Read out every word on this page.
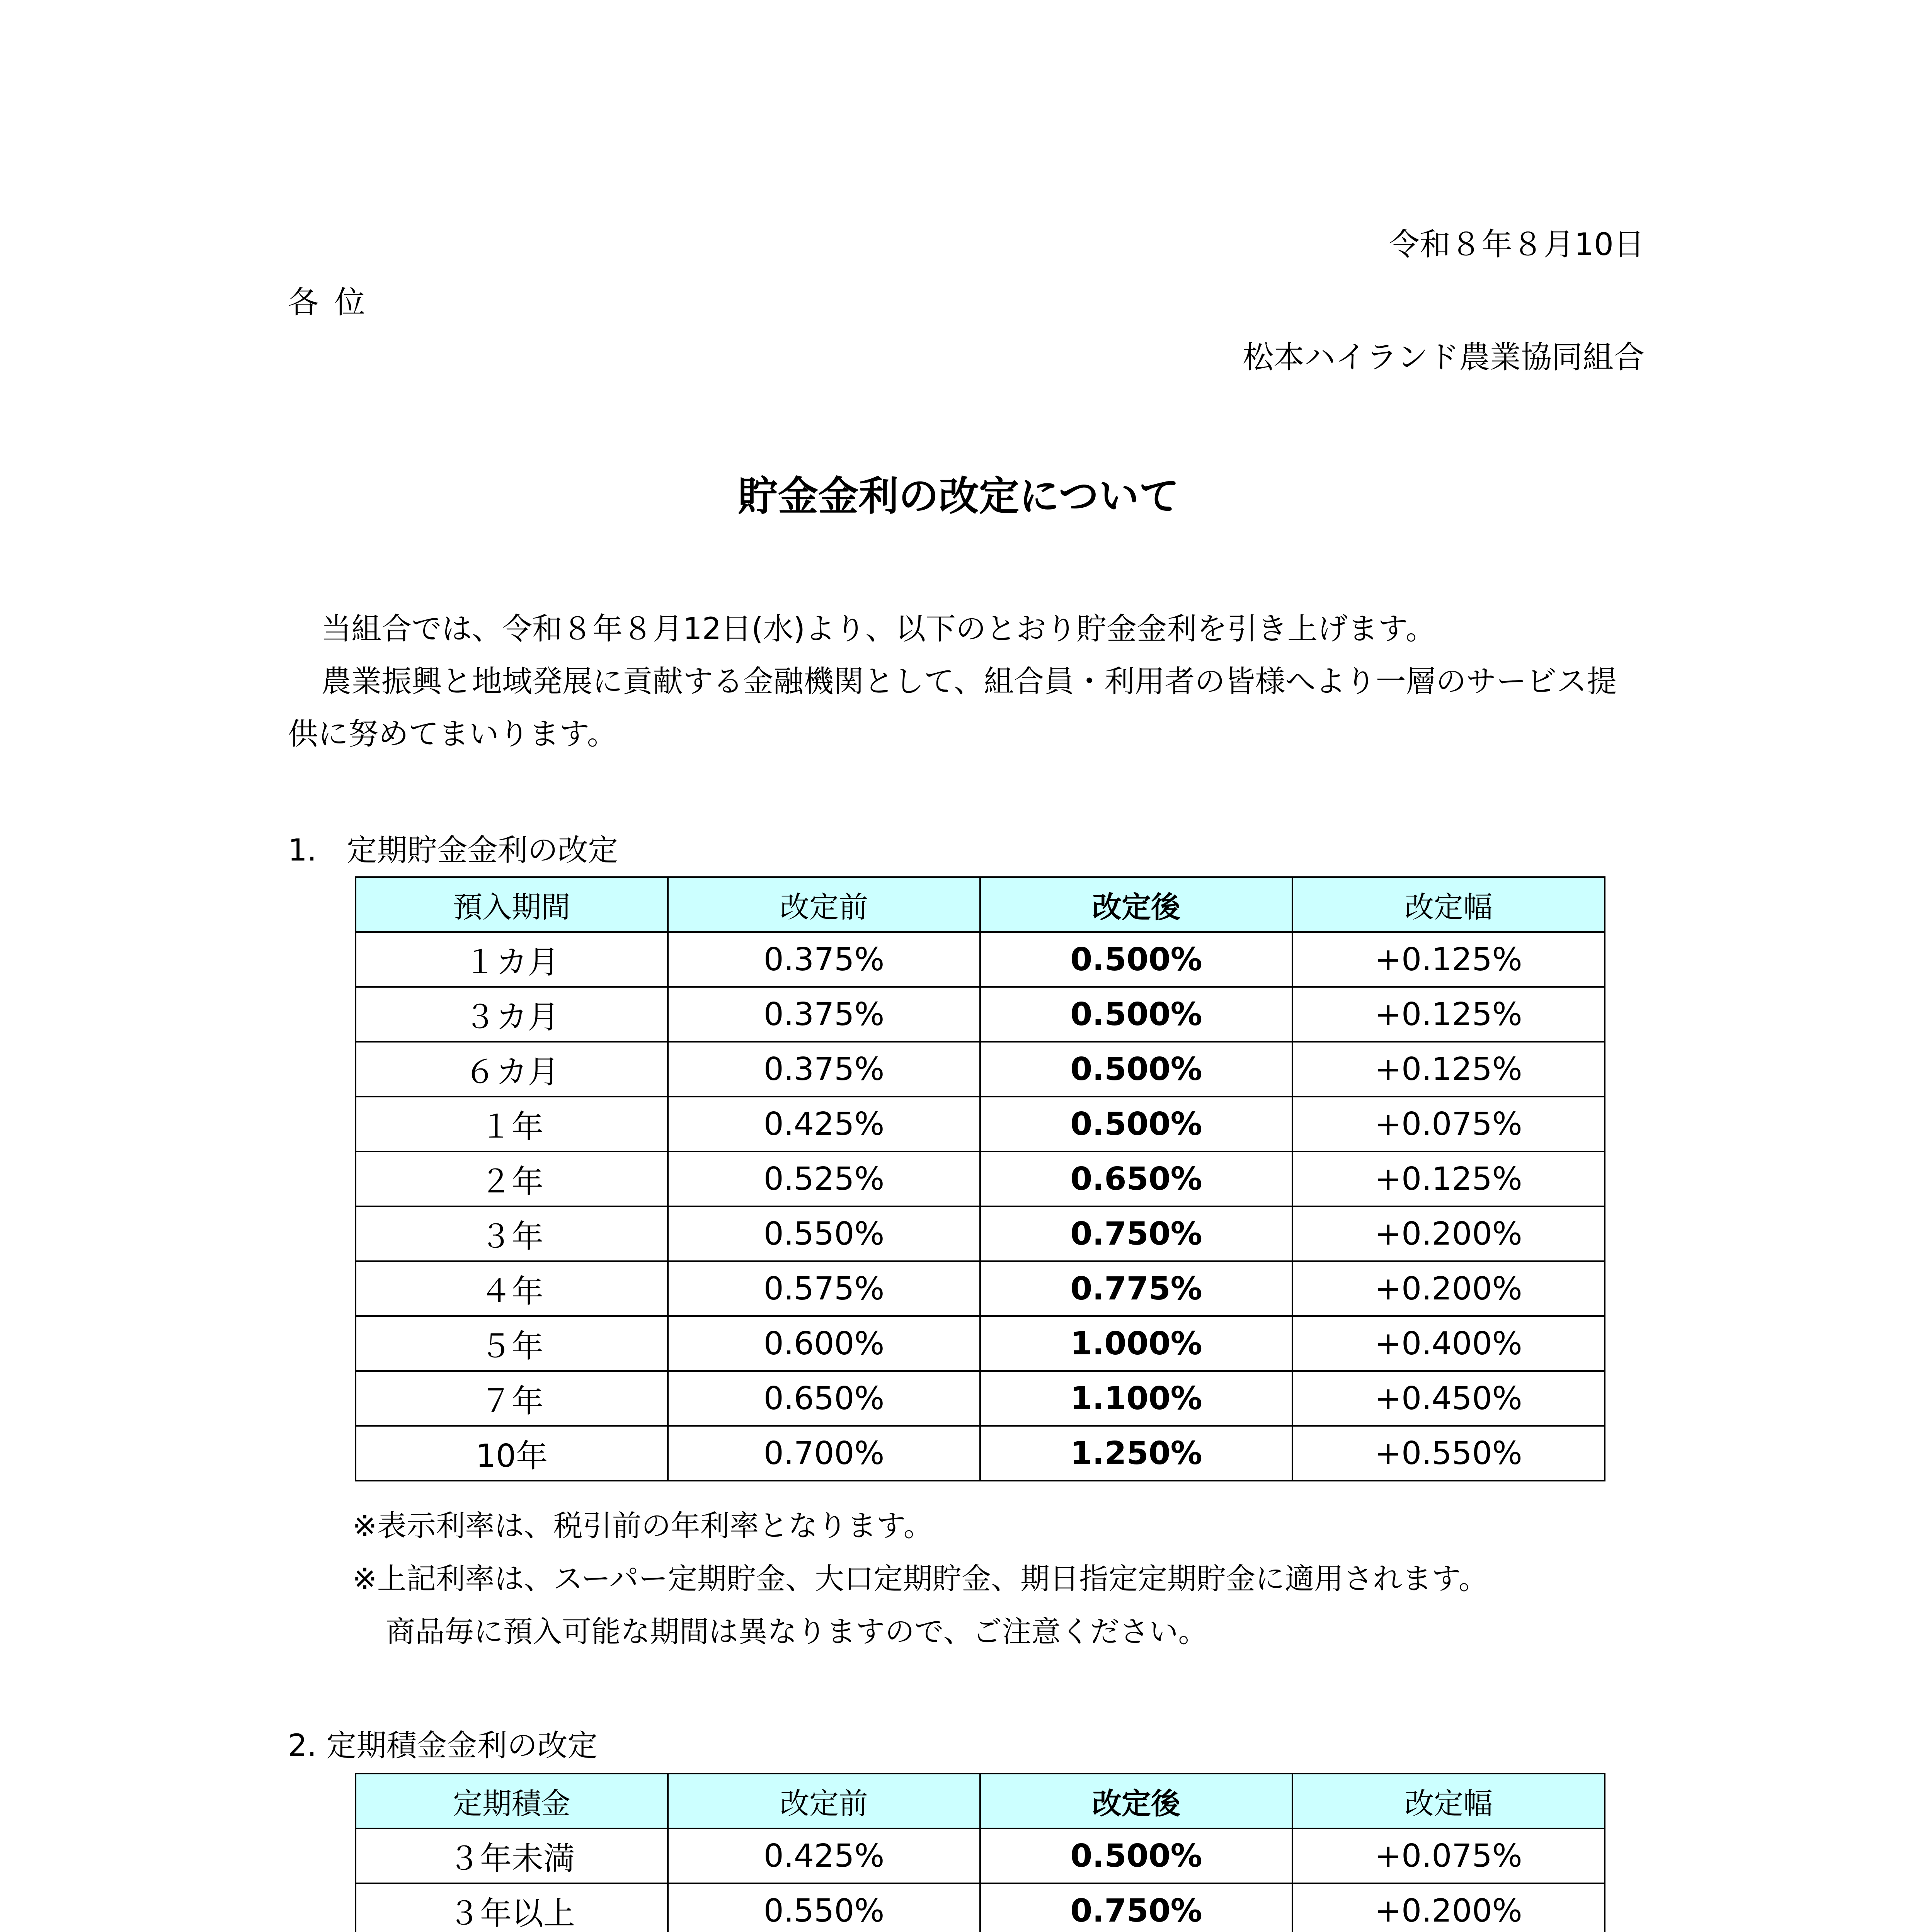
令和８年８月10日
各位
松本ハイランド農業協同組合
貯金金利の改定について
当組合では、令和８年８月12日(水)より、以下のとおり貯金金利を引き上げます。
農業振興と地域発展に貢献する金融機関として、組合員・利用者の皆様へより一層のサービス提供に努めてまいります。
1.　定期貯金金利の改定
預入期間	改定前	改定後	改定幅
１カ月	0.375%	0.500%	+0.125%
３カ月	0.375%	0.500%	+0.125%
６カ月	0.375%	0.500%	+0.125%
１年	0.425%	0.500%	+0.075%
２年	0.525%	0.650%	+0.125%
３年	0.550%	0.750%	+0.200%
４年	0.575%	0.775%	+0.200%
５年	0.600%	1.000%	+0.400%
７年	0.650%	1.100%	+0.450%
10年	0.700%	1.250%	+0.550%
※表示利率は、税引前の年利率となります。
※上記利率は、スーパー定期貯金、大口定期貯金、期日指定定期貯金に適用されます。
商品毎に預入可能な期間は異なりますので、ご注意ください。
2. 定期積金金利の改定
定期積金	改定前	改定後	改定幅
３年未満	0.425%	0.500%	+0.075%
３年以上	0.550%	0.750%	+0.200%
